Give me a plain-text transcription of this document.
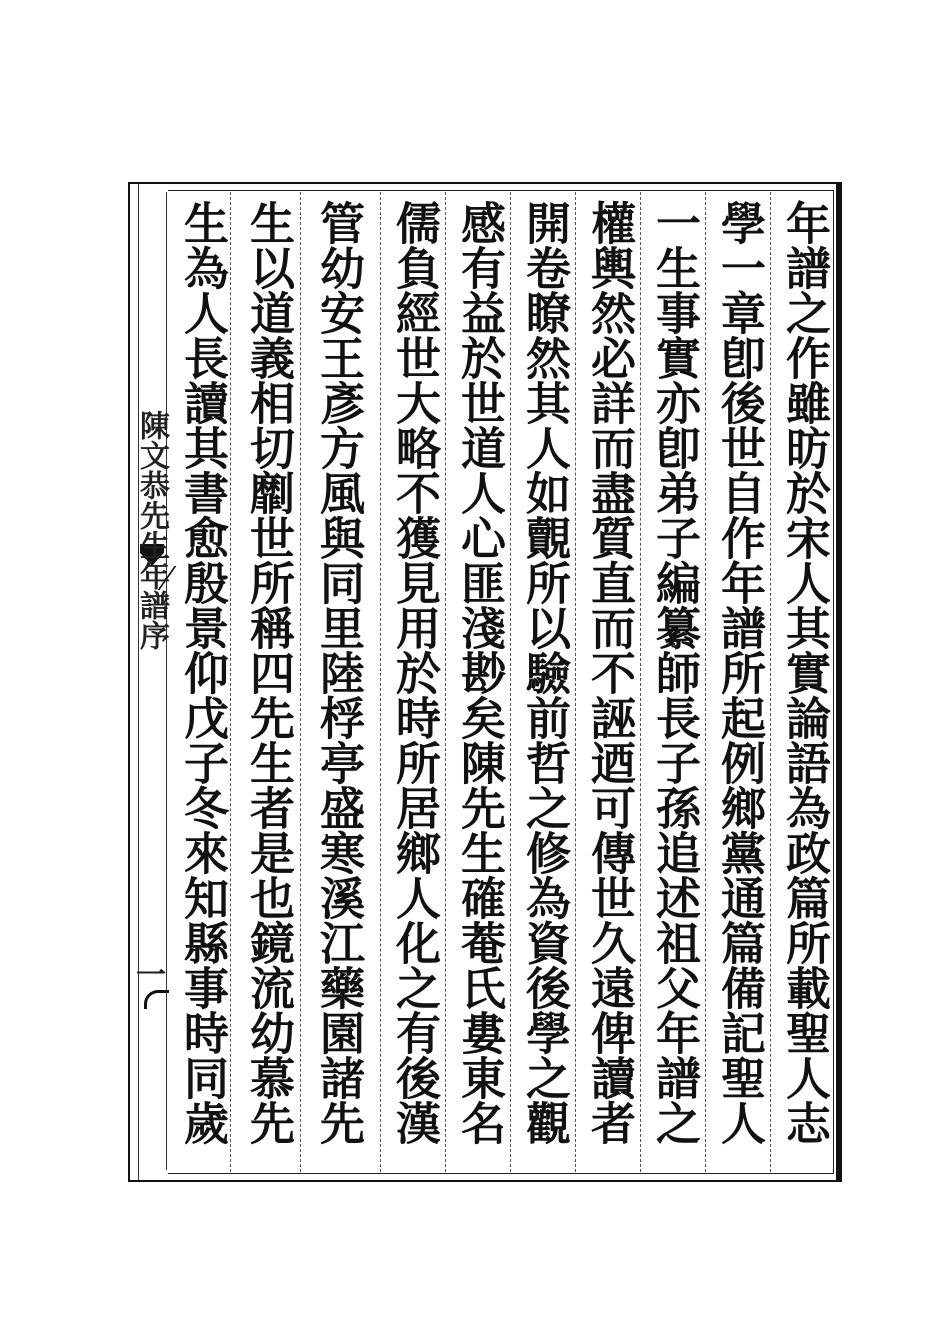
年譜之作雖昉於宋人其實論語為政篇所載聖人志
學一章卽後世自作年譜所起例鄉黨通篇備記聖人
一生事實亦卽弟子編纂師長子孫追述祖父年譜之
權輿然必詳而盡質直而不誣迺可傳世久遠俾讀者
開卷瞭然其人如覿所以驗前哲之修為資後學之觀
感有益於世道人心匪淺尠矣陳先生確菴氏婁東名
儒負經世大略不獲見用於時所居鄉人化之有後漢
管幼安王彥方風與同里陸桴亭盛寒溪江藥園諸先
生以道義相切劘世所稱四先生者是也鏡流幼慕先
生為人長讀其書愈殷景仰戊子冬來知縣事時同歲
陳文恭先生年譜序
一
